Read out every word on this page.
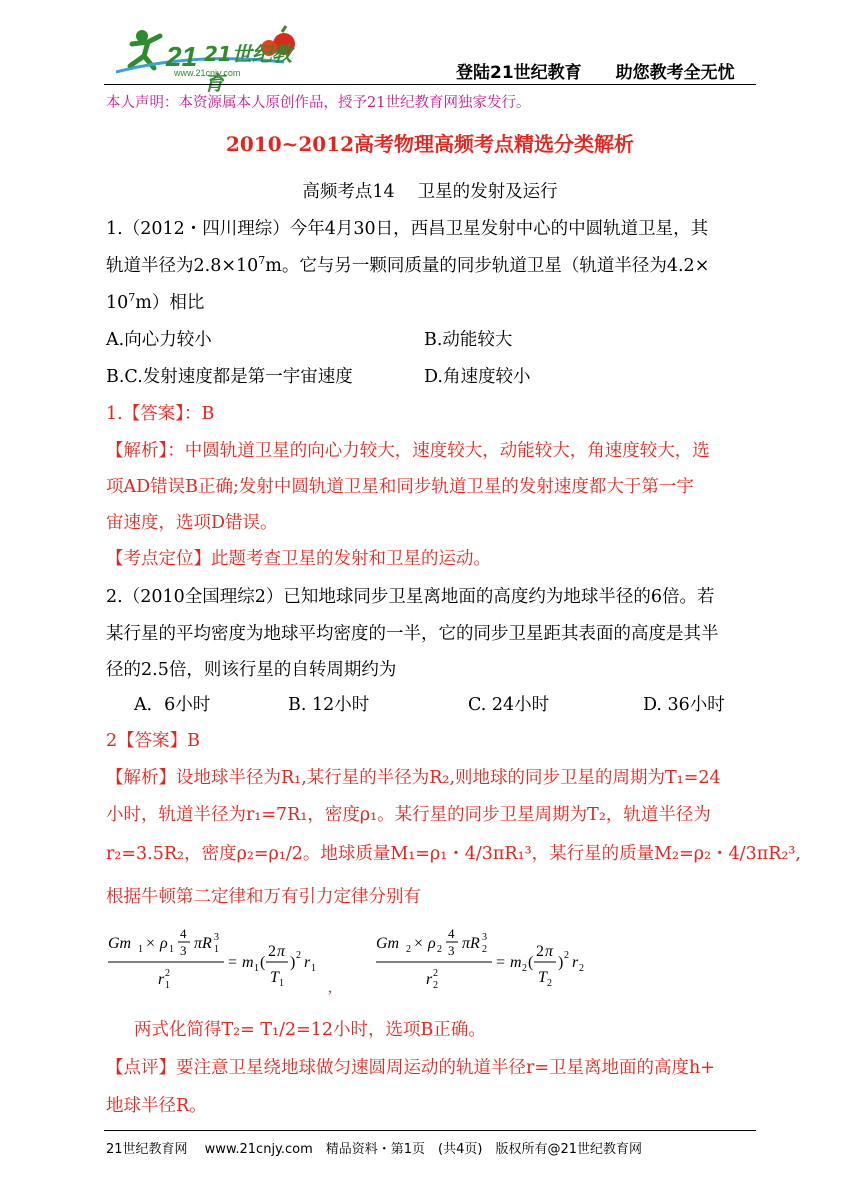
21 21世纪教育
www.21cnjy.com	登陆21世纪教育　　助您教考全无忧
本人声明：本资源属本人原创作品，授予21世纪教育网独家发行。
2010~2012高考物理高频考点精选分类解析
高频考点14　 卫星的发射及运行
1.（2012・四川理综）今年4月30日，西昌卫星发射中心的中圆轨道卫星，其
轨道半径为$2.8\times 10^7m$。它与另一颗同质量的同步轨道卫星（轨道半径为4.2×
$10^7m$）相比
A.向心力较小	B.动能较大
B.C.发射速度都是第一宇宙速度	D.角速度较小
1.【答案】：B
【解析】：中圆轨道卫星的向心力较大，速度较大，动能较大，角速度较大，选
项AD错误B正确;发射中圆轨道卫星和同步轨道卫星的发射速度都大于第一宇
宙速度，选项D错误。
【考点定位】此题考查卫星的发射和卫星的运动。
2.（2010全国理综2）已知地球同步卫星离地面的高度约为地球半径的6倍。若
某行星的平均密度为地球平均密度的一半，它的同步卫星距其表面的高度是其半
径的2.5倍，则该行星的自转周期约为
A．6小时	B. 12小时	C. 24小时	D. 36小时
2【答案】B
【解析】设地球半径为R₁,某行星的半径为R₂,则地球的同步卫星的周期为T₁=24
小时，轨道半径为r₁=7R₁，密度ρ₁。某行星的同步卫星周期为T₂，轨道半径为
r₂=3.5R₂，密度ρ₂=ρ₁/2。地球质量M₁=ρ₁・4/3πR₁³，某行星的质量M₂=ρ₂・4/3πR₂³,
根据牛顿第二定律和万有引力定律分别有
Gm 1 × ρ 1
4
3 πR 1
3
r 1
2
= m 1 (
2 π
T 1
) 2 r 1
,
Gm 2 × ρ 2
4
3 πR 2
3
r 2
2
= m 2 (
2 π
T 2
) 2 r 2
两式化简得T₂= T₁/2=12小时，选项B正确。
【点评】要注意卫星绕地球做匀速圆周运动的轨道半径r=卫星离地面的高度h+
地球半径R。
21世纪教育网　 www.21cnjy.com　精品资料・第1页　(共4页)　版权所有@21世纪教育网
